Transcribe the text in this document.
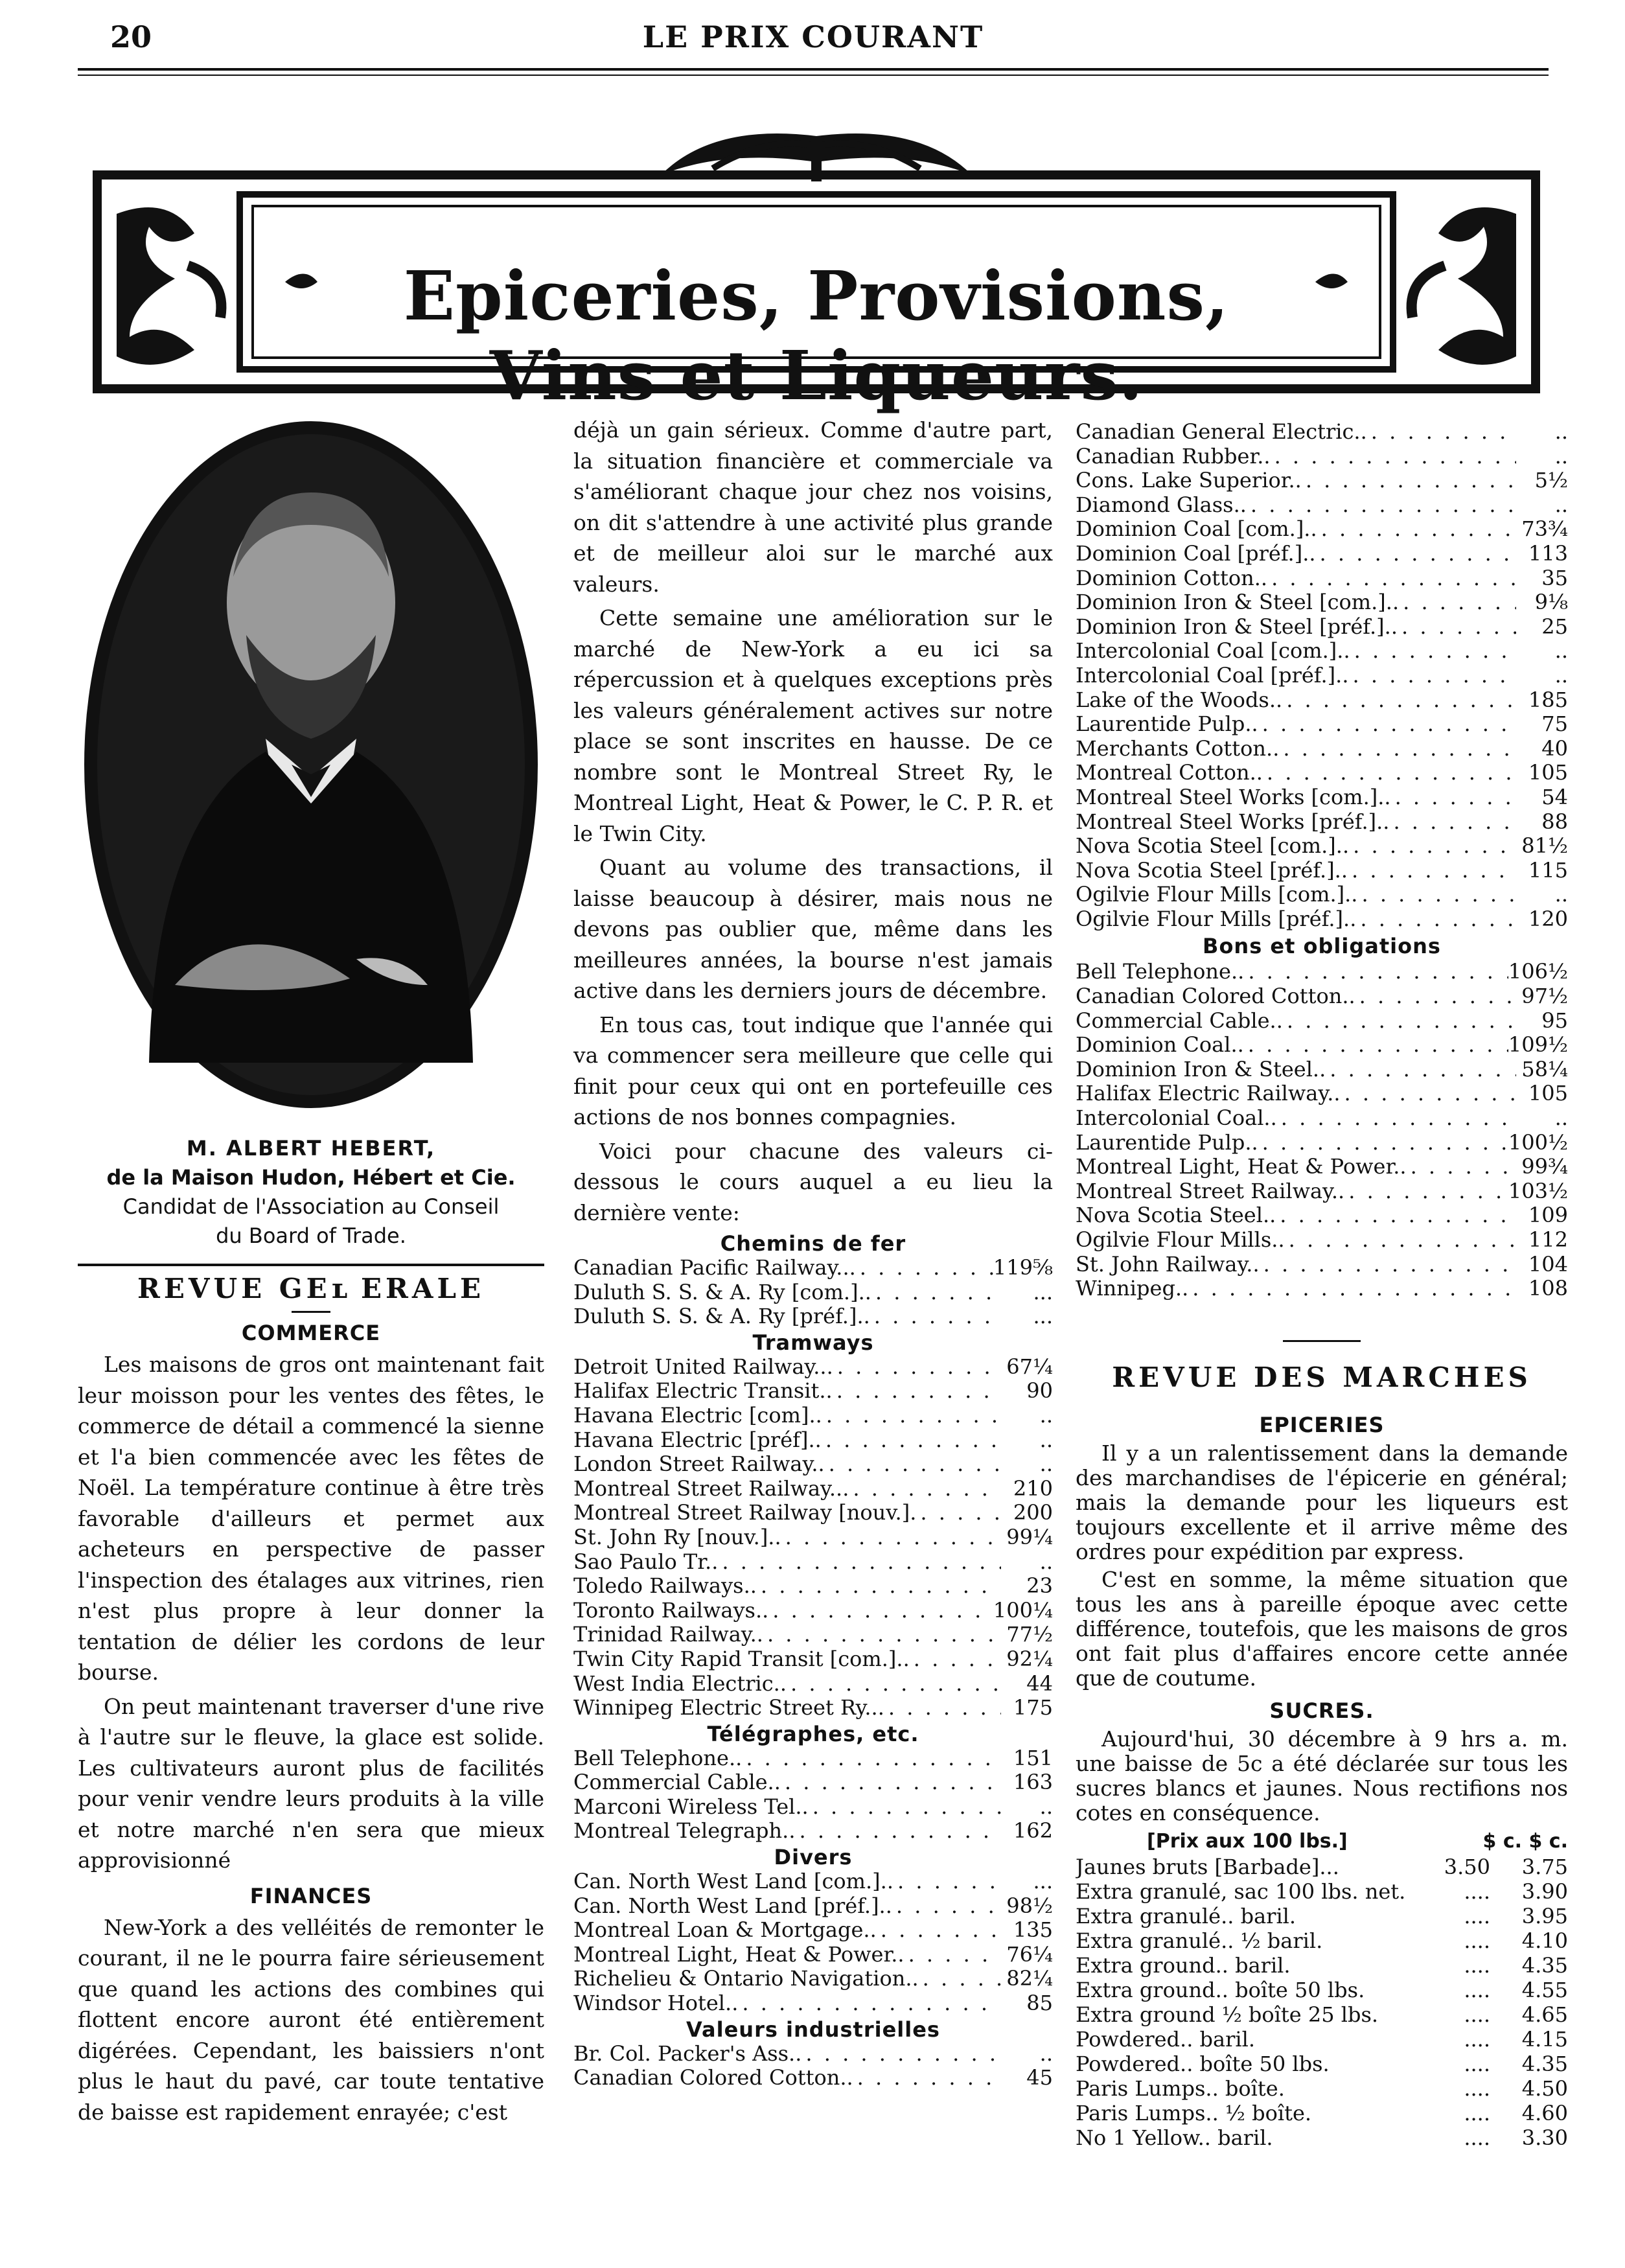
20	LE PRIX COURANT
Epiceries, Provisions, Vins et Liqueurs.
M. ALBERT HEBERT,
de la Maison Hudon, Hébert et Cie.
Candidat de l'Association au Conseil
du Board of Trade.
REVUE GEʟ ERALE
COMMERCE

Les maisons de gros ont maintenant fait leur moisson pour les ventes des fêtes, le commerce de détail a commencé la sienne et l'a bien commencée avec les fêtes de Noël. La température continue à être très favorable d'ailleurs et permet aux acheteurs en perspective de passer l'inspection des étalages aux vitrines, rien n'est plus propre à leur donner la tentation de délier les cordons de leur bourse.

On peut maintenant traverser d'une rive à l'autre sur le fleuve, la glace est solide. Les cultivateurs auront plus de facilités pour venir vendre leurs produits à la ville et notre marché n'en sera que mieux approvisionné

FINANCES

New-York a des velléités de remonter le courant, il ne le pourra faire sérieusement que quand les actions des combines qui flottent encore auront été entièrement digérées. Cependant, les baissiers n'ont plus le haut du pavé, car toute tentative de baisse est rapidement enrayée; c'est

déjà un gain sérieux. Comme d'autre part, la situation financière et commerciale va s'améliorant chaque jour chez nos voisins, on dit s'attendre à une activité plus grande et de meilleur aloi sur le marché aux valeurs.

Cette semaine une amélioration sur le marché de New-York a eu ici sa répercussion et à quelques exceptions près les valeurs généralement actives sur notre place se sont inscrites en hausse. De ce nombre sont le Montreal Street Ry, le Montreal Light, Heat & Power, le C. P. R. et le Twin City.

Quant au volume des transactions, il laisse beaucoup à désirer, mais nous ne devons pas oublier que, même dans les meilleures années, la bourse n'est jamais active dans les derniers jours de décembre.

En tous cas, tout indique que l'année qui va commencer sera meilleure que celle qui finit pour ceux qui ont en portefeuille ces actions de nos bonnes compagnies.

Voici pour chacune des valeurs ci-dessous le cours auquel a eu lieu la dernière vente:

Chemins de fer
Canadian Pacific Railway... . . .	119⅝
Duluth S. S. & A. Ry [com.].. . . .	...
Duluth S. S. & A. Ry [préf.].. . . .	...
Tramways
Detroit United Railway... . . .	67¼
Halifax Electric Transit.. . . .	90
Havana Electric [com].. . . .	..
Havana Electric [préf].. . . .	..
London Street Railway.. . . .	..
Montreal Street Railway... . . .	210
Montreal Street Railway [nouv.]. . . .	200
St. John Ry [nouv.].. . . .	99¼
Sao Paulo Tr.. . . .	..
Toledo Railways.. . . .	23
Toronto Railways.. . . .	100¼
Trinidad Railway.. . . .	77½
Twin City Rapid Transit [com.].. . . .	92¼
West India Electric.. . . .	44
Winnipeg Electric Street Ry... . . .	175
Télégraphes, etc.
Bell Telephone.. . . .	151
Commercial Cable.. . . .	163
Marconi Wireless Tel.. . . .	..
Montreal Telegraph.. . . .	162
Divers
Can. North West Land [com.].. . . .	...
Can. North West Land [préf.].. . . .	98½
Montreal Loan & Mortgage.. . . .	135
Montreal Light, Heat & Power.. . . .	76¼
Richelieu & Ontario Navigation.. . . .	82¼
Windsor Hotel.. . . .	85
Valeurs industrielles
Br. Col. Packer's Ass.. . . .	..
Canadian Colored Cotton.. . . .	45
Canadian General Electric.. . . .	..
Canadian Rubber.. . . .	..
Cons. Lake Superior.. . . .	5½
Diamond Glass.. . . .	..
Dominion Coal [com.].. . . .	73¾
Dominion Coal [préf.].. . . .	113
Dominion Cotton.. . . .	35
Dominion Iron & Steel [com.].. . . .	9⅛
Dominion Iron & Steel [préf.].. . . .	25
Intercolonial Coal [com.].. . . .	..
Intercolonial Coal [préf.].. . . .	..
Lake of the Woods.. . . .	185
Laurentide Pulp.. . . .	75
Merchants Cotton.. . . .	40
Montreal Cotton.. . . .	105
Montreal Steel Works [com.].. . . .	54
Montreal Steel Works [préf.].. . . .	88
Nova Scotia Steel [com.].. . . .	81½
Nova Scotia Steel [préf.].. . . .	115
Ogilvie Flour Mills [com.].. . . .	..
Ogilvie Flour Mills [préf.].. . . .	120
Bons et obligations
Bell Telephone.. . . .	106½
Canadian Colored Cotton.. . . .	97½
Commercial Cable.. . . .	95
Dominion Coal.. . . .	109½
Dominion Iron & Steel.. . . .	58¼
Halifax Electric Railway.. . . .	105
Intercolonial Coal.. . . .	..
Laurentide Pulp.. . . .	100½
Montreal Light, Heat & Power.. . . .	99¾
Montreal Street Railway.. . . .	103½
Nova Scotia Steel.. . . .	109
Ogilvie Flour Mills.. . . .	112
St. John Railway.. . . .	104
Winnipeg.. . . .	108
REVUE DES MARCHES
EPICERIES

Il y a un ralentissement dans la demande des marchandises de l'épicerie en général; mais la demande pour les liqueurs est toujours excellente et il arrive même des ordres pour expédition par express.

C'est en somme, la même situation que tous les ans à pareille époque avec cette différence, toutefois, que les maisons de gros ont fait plus d'affaires encore cette année que de coutume.

SUCRES.

Aujourd'hui, 30 décembre à 9 hrs a. m. une baisse de 5c a été déclarée sur tous les sucres blancs et jaunes. Nous rectifions nos cotes en conséquence.

[Prix aux 100 lbs.]	$ c. $ c.
Jaunes bruts [Barbade]...	3.50	3.75
Extra granulé, sac 100 lbs. net.	....	3.90
Extra granulé.. baril.	....	3.95
Extra granulé.. ½ baril.	....	4.10
Extra ground.. baril.	....	4.35
Extra ground.. boîte 50 lbs.	....	4.55
Extra ground ½ boîte 25 lbs.	....	4.65
Powdered.. baril.	....	4.15
Powdered.. boîte 50 lbs.	....	4.35
Paris Lumps.. boîte.	....	4.50
Paris Lumps.. ½ boîte.	....	4.60
No 1 Yellow.. baril.	....	3.30
